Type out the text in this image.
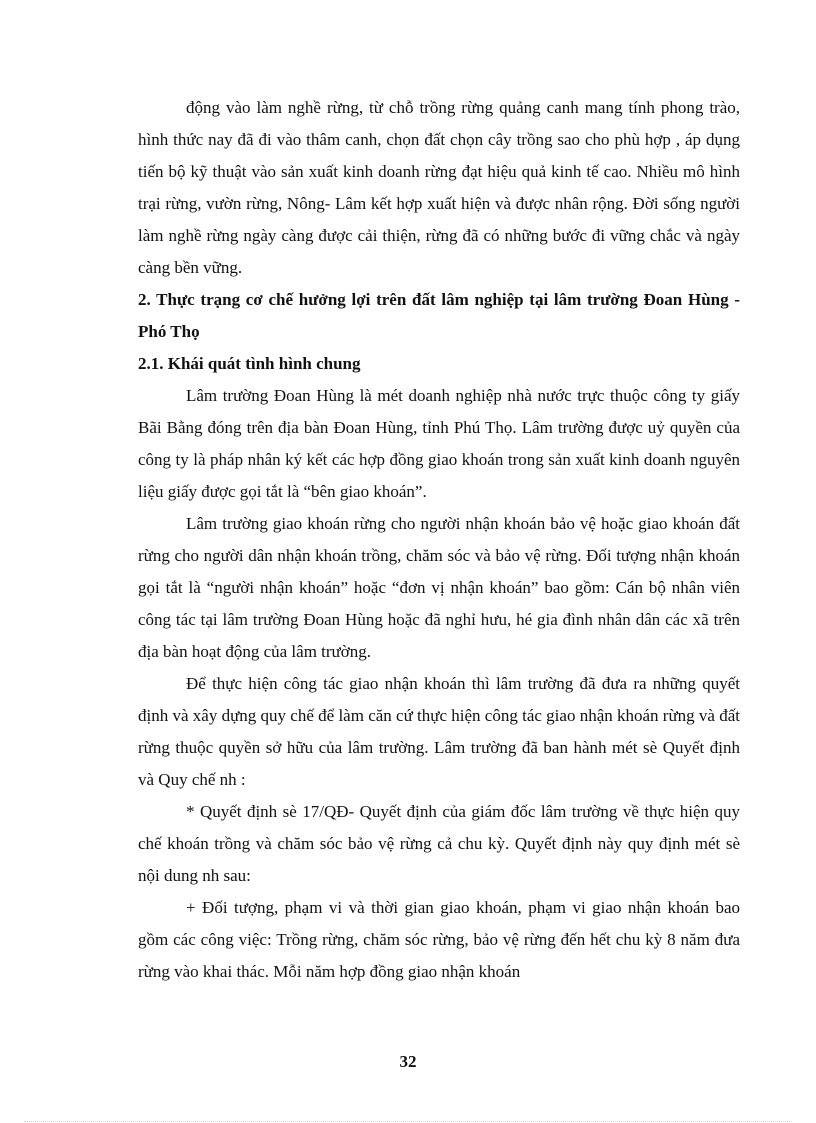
động vào làm nghề rừng, từ chỗ trồng rừng quảng canh mang tính phong trào, hình thức nay đã đi vào thâm canh, chọn đất chọn cây trồng sao cho phù hợp , áp dụng tiến bộ kỹ thuật vào sản xuất kinh doanh rừng đạt hiệu quả kinh tế cao. Nhiều mô hình trại rừng, vườn rừng, Nông- Lâm kết hợp xuất hiện và được nhân rộng. Đời sống người làm nghề rừng ngày càng được cải thiện, rừng đã có những bước đi vững chắc và ngày càng bền vững.

2. Thực trạng cơ chế hưởng lợi trên đất lâm nghiệp tại lâm trường Đoan Hùng - Phó Thọ

2.1. Khái quát tình hình chung

Lâm trường Đoan Hùng là mét doanh nghiệp nhà nước trực thuộc công ty giấy Bãi Bằng đóng trên địa bàn Đoan Hùng, tỉnh Phú Thọ. Lâm trường được uỷ quyền của công ty là pháp nhân ký kết các hợp đồng giao khoán trong sản xuất kinh doanh nguyên liệu giấy được gọi tắt là “bên giao khoán”.

Lâm trường giao khoán rừng cho người nhận khoán bảo vệ hoặc giao khoán đất rừng cho người dân nhận khoán trồng, chăm sóc và bảo vệ rừng. Đối tượng nhận khoán gọi tắt là “người nhận khoán” hoặc “đơn vị nhận khoán” bao gồm: Cán bộ nhân viên công tác tại lâm trường Đoan Hùng hoặc đã nghỉ hưu, hé gia đình nhân dân các xã trên địa bàn hoạt động của lâm trường.

Để thực hiện công tác giao nhận khoán thì lâm trường đã đưa ra những quyết định và xây dựng quy chế để làm căn cứ thực hiện công tác giao nhận khoán rừng và đất rừng thuộc quyền sở hữu của lâm trường. Lâm trường đã ban hành mét sè Quyết định và Quy chế nh :

* Quyết định sè 17/QĐ- Quyết định của giám đốc lâm trường về thực hiện quy chế khoán trồng và chăm sóc bảo vệ rừng cả chu kỳ. Quyết định này quy định mét sè nội dung nh sau:

+ Đối tượng, phạm vi và thời gian giao khoán, phạm vi giao nhận khoán bao gồm các công việc: Trồng rừng, chăm sóc rừng, bảo vệ rừng đến hết chu kỳ 8 năm đưa rừng vào khai thác. Mỗi năm hợp đồng giao nhận khoán

32
